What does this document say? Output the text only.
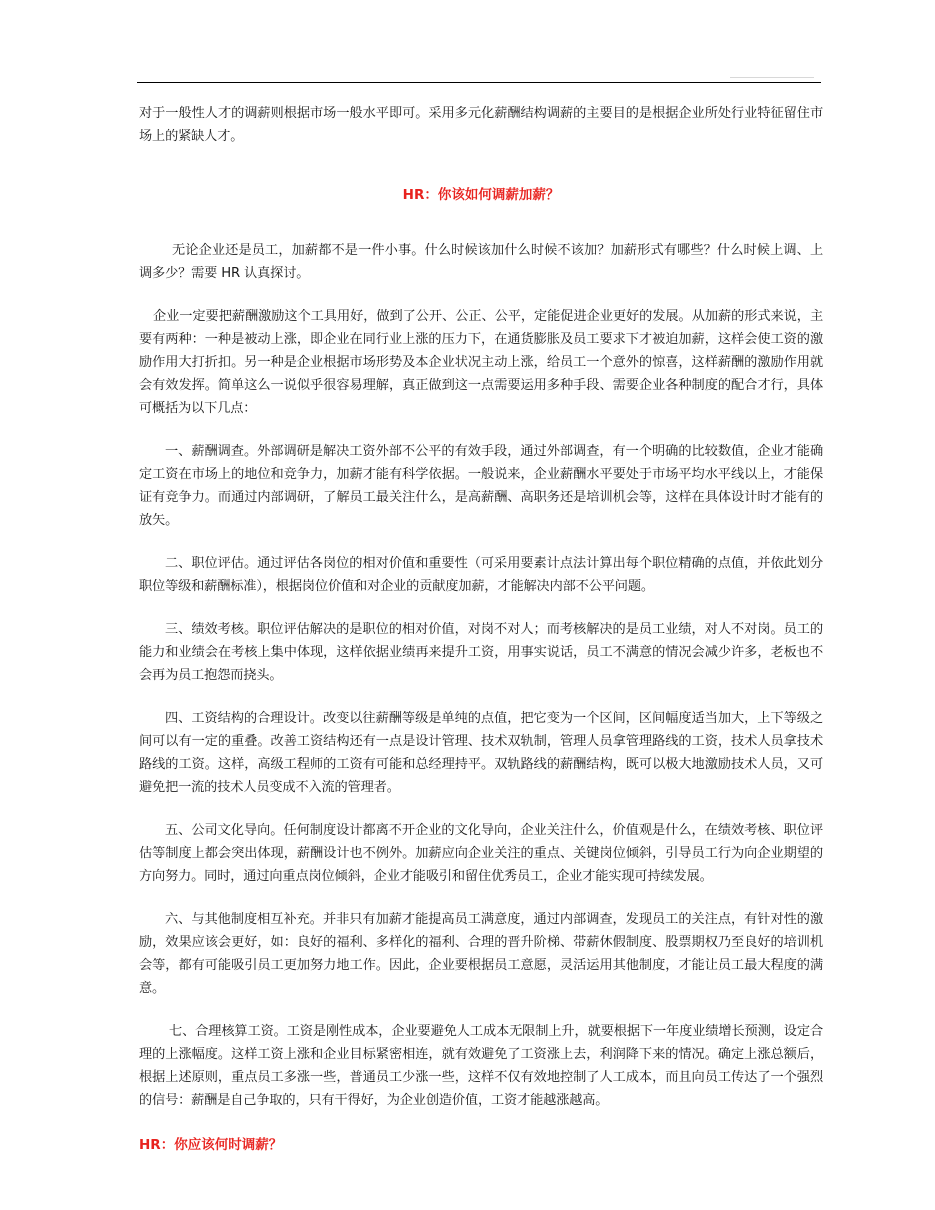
对于一般性人才的调薪则根据市场一般水平即可。采用多元化薪酬结构调薪的主要目的是根据企业所处行业特征留住市场上的紧缺人才。

HR：你该如何调薪加薪？

无论企业还是员工，加薪都不是一件小事。什么时候该加什么时候不该加？加薪形式有哪些？什么时候上调、上调多少？需要 HR 认真探讨。

企业一定要把薪酬激励这个工具用好，做到了公开、公正、公平，定能促进企业更好的发展。从加薪的形式来说，主要有两种：一种是被动上涨，即企业在同行业上涨的压力下，在通货膨胀及员工要求下才被迫加薪，这样会使工资的激励作用大打折扣。另一种是企业根据市场形势及本企业状况主动上涨，给员工一个意外的惊喜，这样薪酬的激励作用就会有效发挥。简单这么一说似乎很容易理解，真正做到这一点需要运用多种手段、需要企业各种制度的配合才行，具体可概括为以下几点：

一、薪酬调查。外部调研是解决工资外部不公平的有效手段，通过外部调查，有一个明确的比较数值，企业才能确定工资在市场上的地位和竞争力，加薪才能有科学依据。一般说来，企业薪酬水平要处于市场平均水平线以上，才能保证有竞争力。而通过内部调研，了解员工最关注什么，是高薪酬、高职务还是培训机会等，这样在具体设计时才能有的放矢。

二、职位评估。通过评估各岗位的相对价值和重要性（可采用要素计点法计算出每个职位精确的点值，并依此划分职位等级和薪酬标准），根据岗位价值和对企业的贡献度加薪，才能解决内部不公平问题。

三、绩效考核。职位评估解决的是职位的相对价值，对岗不对人；而考核解决的是员工业绩，对人不对岗。员工的能力和业绩会在考核上集中体现，这样依据业绩再来提升工资，用事实说话，员工不满意的情况会减少许多，老板也不会再为员工抱怨而挠头。

四、工资结构的合理设计。改变以往薪酬等级是单纯的点值，把它变为一个区间，区间幅度适当加大，上下等级之间可以有一定的重叠。改善工资结构还有一点是设计管理、技术双轨制，管理人员拿管理路线的工资，技术人员拿技术路线的工资。这样，高级工程师的工资有可能和总经理持平。双轨路线的薪酬结构，既可以极大地激励技术人员，又可避免把一流的技术人员变成不入流的管理者。

五、公司文化导向。任何制度设计都离不开企业的文化导向，企业关注什么，价值观是什么，在绩效考核、职位评估等制度上都会突出体现，薪酬设计也不例外。加薪应向企业关注的重点、关键岗位倾斜，引导员工行为向企业期望的方向努力。同时，通过向重点岗位倾斜，企业才能吸引和留住优秀员工，企业才能实现可持续发展。

六、与其他制度相互补充。并非只有加薪才能提高员工满意度，通过内部调查，发现员工的关注点，有针对性的激励，效果应该会更好，如：良好的福利、多样化的福利、合理的晋升阶梯、带薪休假制度、股票期权乃至良好的培训机会等，都有可能吸引员工更加努力地工作。因此，企业要根据员工意愿，灵活运用其他制度，才能让员工最大程度的满意。

七、合理核算工资。工资是刚性成本，企业要避免人工成本无限制上升，就要根据下一年度业绩增长预测，设定合理的上涨幅度。这样工资上涨和企业目标紧密相连，就有效避免了工资涨上去，利润降下来的情况。确定上涨总额后，根据上述原则，重点员工多涨一些，普通员工少涨一些，这样不仅有效地控制了人工成本，而且向员工传达了一个强烈的信号：薪酬是自己争取的，只有干得好，为企业创造价值，工资才能越涨越高。

HR：你应该何时调薪？
